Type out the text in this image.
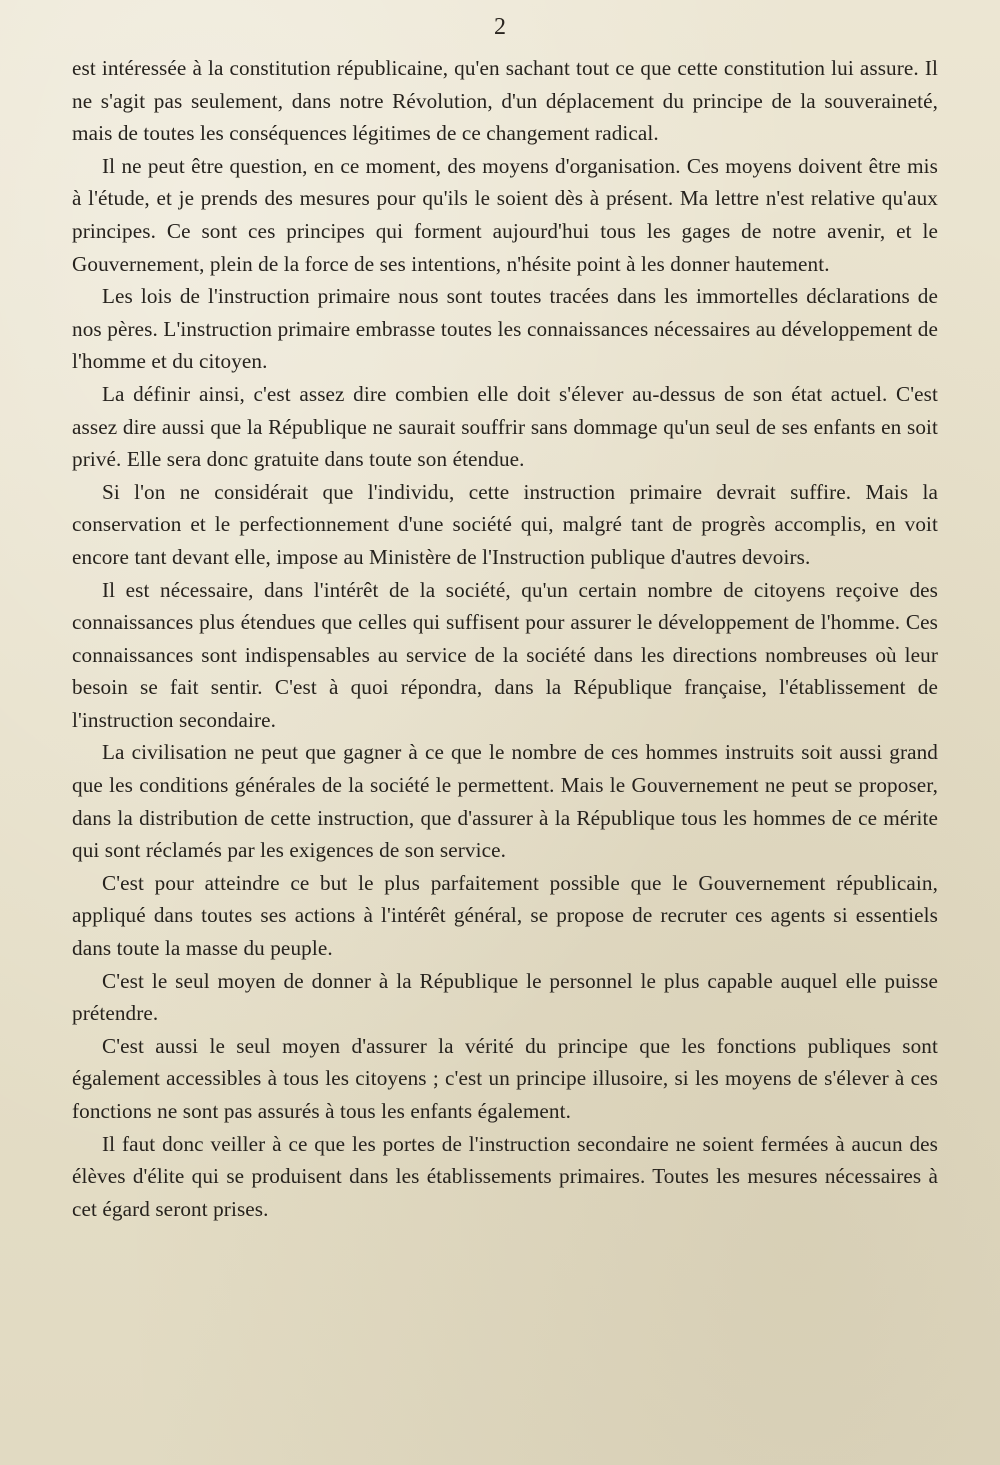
2

est intéressée à la constitution républicaine, qu'en sachant tout ce que cette constitution lui assure. Il ne s'agit pas seulement, dans notre Révolution, d'un déplacement du principe de la souveraineté, mais de toutes les conséquences légitimes de ce changement radical.

Il ne peut être question, en ce moment, des moyens d'organisation. Ces moyens doivent être mis à l'étude, et je prends des mesures pour qu'ils le soient dès à présent. Ma lettre n'est relative qu'aux principes. Ce sont ces principes qui forment aujourd'hui tous les gages de notre avenir, et le Gouvernement, plein de la force de ses intentions, n'hésite point à les donner hautement.

Les lois de l'instruction primaire nous sont toutes tracées dans les immortelles déclarations de nos pères. L'instruction primaire embrasse toutes les connaissances nécessaires au développement de l'homme et du citoyen.

La définir ainsi, c'est assez dire combien elle doit s'élever au-dessus de son état actuel. C'est assez dire aussi que la République ne saurait souffrir sans dommage qu'un seul de ses enfants en soit privé. Elle sera donc gratuite dans toute son étendue.

Si l'on ne considérait que l'individu, cette instruction primaire devrait suffire. Mais la conservation et le perfectionnement d'une société qui, malgré tant de progrès accomplis, en voit encore tant devant elle, impose au Ministère de l'Instruction publique d'autres devoirs.

Il est nécessaire, dans l'intérêt de la société, qu'un certain nombre de citoyens reçoive des connaissances plus étendues que celles qui suffisent pour assurer le développement de l'homme. Ces connaissances sont indispensables au service de la société dans les directions nombreuses où leur besoin se fait sentir. C'est à quoi répondra, dans la République française, l'établissement de l'instruction secondaire.

La civilisation ne peut que gagner à ce que le nombre de ces hommes instruits soit aussi grand que les conditions générales de la société le permettent. Mais le Gouvernement ne peut se proposer, dans la distribution de cette instruction, que d'assurer à la République tous les hommes de ce mérite qui sont réclamés par les exigences de son service.

C'est pour atteindre ce but le plus parfaitement possible que le Gouvernement républicain, appliqué dans toutes ses actions à l'intérêt général, se propose de recruter ces agents si essentiels dans toute la masse du peuple.

C'est le seul moyen de donner à la République le personnel le plus capable auquel elle puisse prétendre.

C'est aussi le seul moyen d'assurer la vérité du principe que les fonctions publiques sont également accessibles à tous les citoyens ; c'est un principe illusoire, si les moyens de s'élever à ces fonctions ne sont pas assurés à tous les enfants également.

Il faut donc veiller à ce que les portes de l'instruction secondaire ne soient fermées à aucun des élèves d'élite qui se produisent dans les établissements primaires. Toutes les mesures nécessaires à cet égard seront prises.
